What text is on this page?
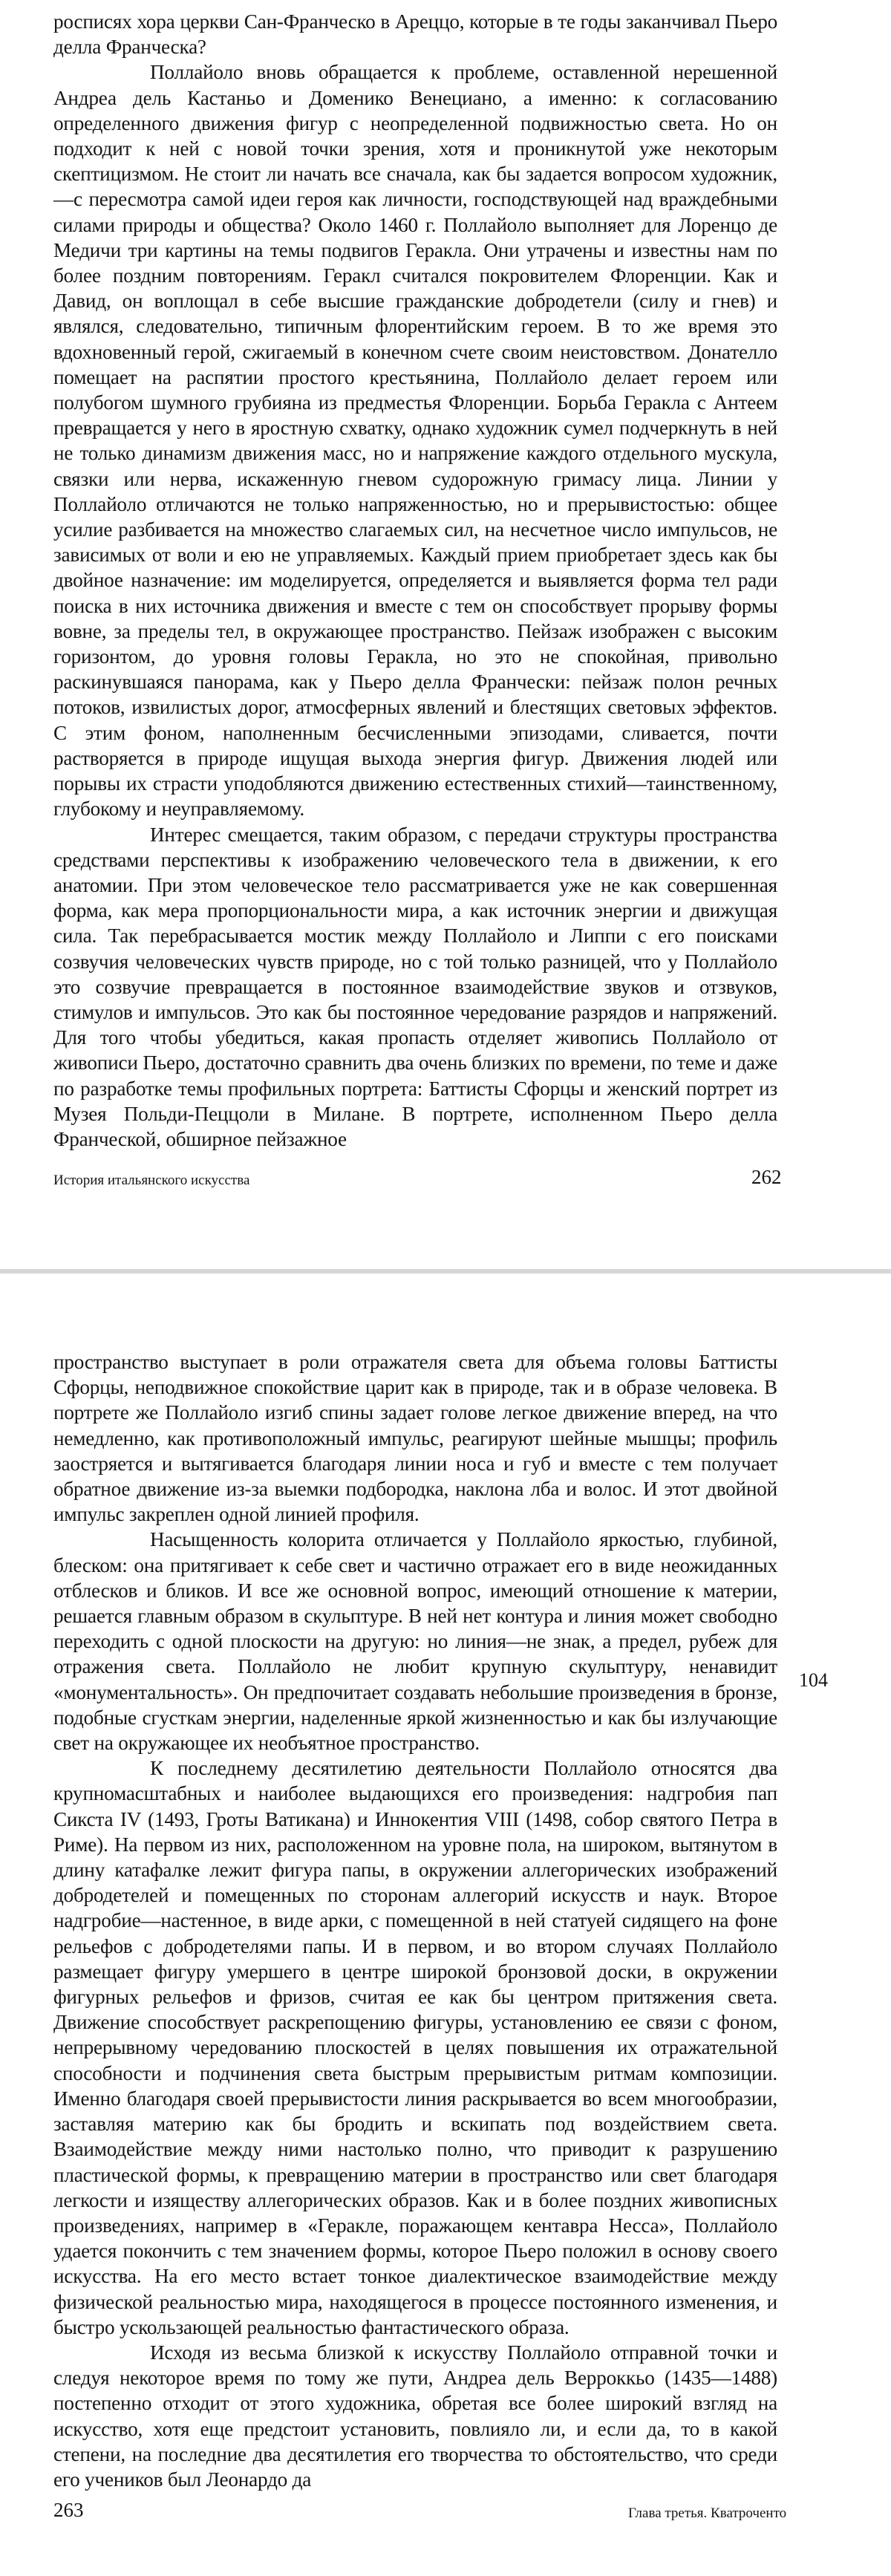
росписях хора церкви Сан-Франческо в Ареццо, которые в те годы заканчивал Пьеро делла Франческа?

Поллайоло вновь обращается к проблеме, оставленной нерешенной Андреа дель Кастаньо и Доменико Венециано, а именно: к согласованию определенного движения фигур с неопределенной подвижностью света. Но он подходит к ней с новой точки зрения, хотя и проникнутой уже некоторым скептицизмом. Не стоит ли начать все сначала, как бы задается вопросом художник,—с пересмотра самой идеи героя как личности, господствующей над враждебными силами природы и общества? Около 1460 г. Поллайоло выполняет для Лоренцо де Медичи три картины на темы подвигов Геракла. Они утрачены и известны нам по более поздним повторениям. Геракл считался покровителем Флоренции. Как и Давид, он воплощал в себе высшие гражданские добродетели (силу и гнев) и являлся, следовательно, типичным флорентийским героем. В то же время это вдохновенный герой, сжигаемый в конечном счете своим неистовством. Донателло помещает на распятии простого крестьянина, Поллайоло делает героем или полубогом шумного грубияна из предместья Флоренции. Борьба Геракла с Антеем превращается у него в яростную схватку, однако художник сумел подчеркнуть в ней не только динамизм движения масс, но и напряжение каждого отдельного мускула, связки или нерва, искаженную гневом судорожную гримасу лица. Линии у Поллайоло отличаются не только напряженностью, но и прерывистостью: общее усилие разбивается на множество слагаемых сил, на несчетное число импульсов, не зависимых от воли и ею не управляемых. Каждый прием приобретает здесь как бы двойное назначение: им моделируется, определяется и выявляется форма тел ради поиска в них источника движения и вместе с тем он способствует прорыву формы вовне, за пределы тел, в окружающее пространство. Пейзаж изображен с высоким горизонтом, до уровня головы Геракла, но это не спокойная, привольно раскинувшаяся панорама, как у Пьеро делла Франчески: пейзаж полон речных потоков, извилистых дорог, атмосферных явлений и блестящих световых эффектов. С этим фоном, наполненным бесчисленными эпизодами, сливается, почти растворяется в природе ищущая выхода энергия фигур. Движения людей или порывы их страсти уподобляются движению естественных стихий—таинственному, глубокому и неуправляемому.

Интерес смещается, таким образом, с передачи структуры пространства средствами перспективы к изображению человеческого тела в движении, к его анатомии. При этом человеческое тело рассматривается уже не как совершенная форма, как мера пропорциональности мира, а как источник энергии и движущая сила. Так перебрасывается мостик между Поллайоло и Липпи с его поисками созвучия человеческих чувств природе, но с той только разницей, что у Поллайоло это созвучие превращается в постоянное взаимодействие звуков и отзвуков, стимулов и импульсов. Это как бы постоянное чередование разрядов и напряжений. Для того чтобы убедиться, какая пропасть отделяет живопись Поллайоло от живописи Пьеро, достаточно сравнить два очень близких по времени, по теме и даже по разработке темы профильных портрета: Баттисты Сфорцы и женский портрет из Музея Польди-Пеццоли в Милане. В портрете, исполненном Пьеро делла Франческой, обширное пейзажное

История итальянского искусства	262

пространство выступает в роли отражателя света для объема головы Баттисты Сфорцы, неподвижное спокойствие царит как в природе, так и в образе человека. В портрете же Поллайоло изгиб спины задает голове легкое движение вперед, на что немедленно, как противоположный импульс, реагируют шейные мышцы; профиль заостряется и вытягивается благодаря линии носа и губ и вместе с тем получает обратное движение из-за выемки подбородка, наклона лба и волос. И этот двойной импульс закреплен одной линией профиля.

Насыщенность колорита отличается у Поллайоло яркостью, глубиной, блеском: она притягивает к себе свет и частично отражает его в виде неожиданных отблесков и бликов. И все же основной вопрос, имеющий отношение к материи, решается главным образом в скульптуре. В ней нет контура и линия может свободно переходить с одной плоскости на другую: но линия—не знак, а предел, рубеж для отражения света. Поллайоло не любит крупную скульптуру, ненавидит «монументальность». Он предпочитает создавать небольшие произведения в бронзе, подобные сгусткам энергии, наделенные яркой жизненностью и как бы излучающие свет на окружающее их необъятное пространство.

К последнему десятилетию деятельности Поллайоло относятся два крупномасштабных и наиболее выдающихся его произведения: надгробия пап Сикста IV (1493, Гроты Ватикана) и Иннокентия VIII (1498, собор святого Петра в Риме). На первом из них, расположенном на уровне пола, на широком, вытянутом в длину катафалке лежит фигура папы, в окружении аллегорических изображений добродетелей и помещенных по сторонам аллегорий искусств и наук. Второе надгробие—настенное, в виде арки, с помещенной в ней статуей сидящего на фоне рельефов с добродетелями папы. И в первом, и во втором случаях Поллайоло размещает фигуру умершего в центре широкой бронзовой доски, в окружении фигурных рельефов и фризов, считая ее как бы центром притяжения света. Движение способствует раскрепощению фигуры, установлению ее связи с фоном, непрерывному чередованию плоскостей в целях повышения их отражательной способности и подчинения света быстрым прерывистым ритмам композиции. Именно благодаря своей прерывистости линия раскрывается во всем многообразии, заставляя материю как бы бродить и вскипать под воздействием света. Взаимодействие между ними настолько полно, что приводит к разрушению пластической формы, к превращению материи в пространство или свет благодаря легкости и изяществу аллегорических образов. Как и в более поздних живописных произведениях, например в «Геракле, поражающем кентавра Несса», Поллайоло удается покончить с тем значением формы, которое Пьеро положил в основу своего искусства. На его место встает тонкое диалектическое взаимодействие между физической реальностью мира, находящегося в процессе постоянного изменения, и быстро ускользающей реальностью фантастического образа.

Исходя из весьма близкой к искусству Поллайоло отправной точки и следуя некоторое время по тому же пути, Андреа дель Верроккьо (1435—1488) постепенно отходит от этого художника, обретая все более широкий взгляд на искусство, хотя еще предстоит установить, повлияло ли, и если да, то в какой степени, на последние два десятилетия его творчества то обстоятельство, что среди его учеников был Леонардо да

104
263	Глава третья. Кватроченто
